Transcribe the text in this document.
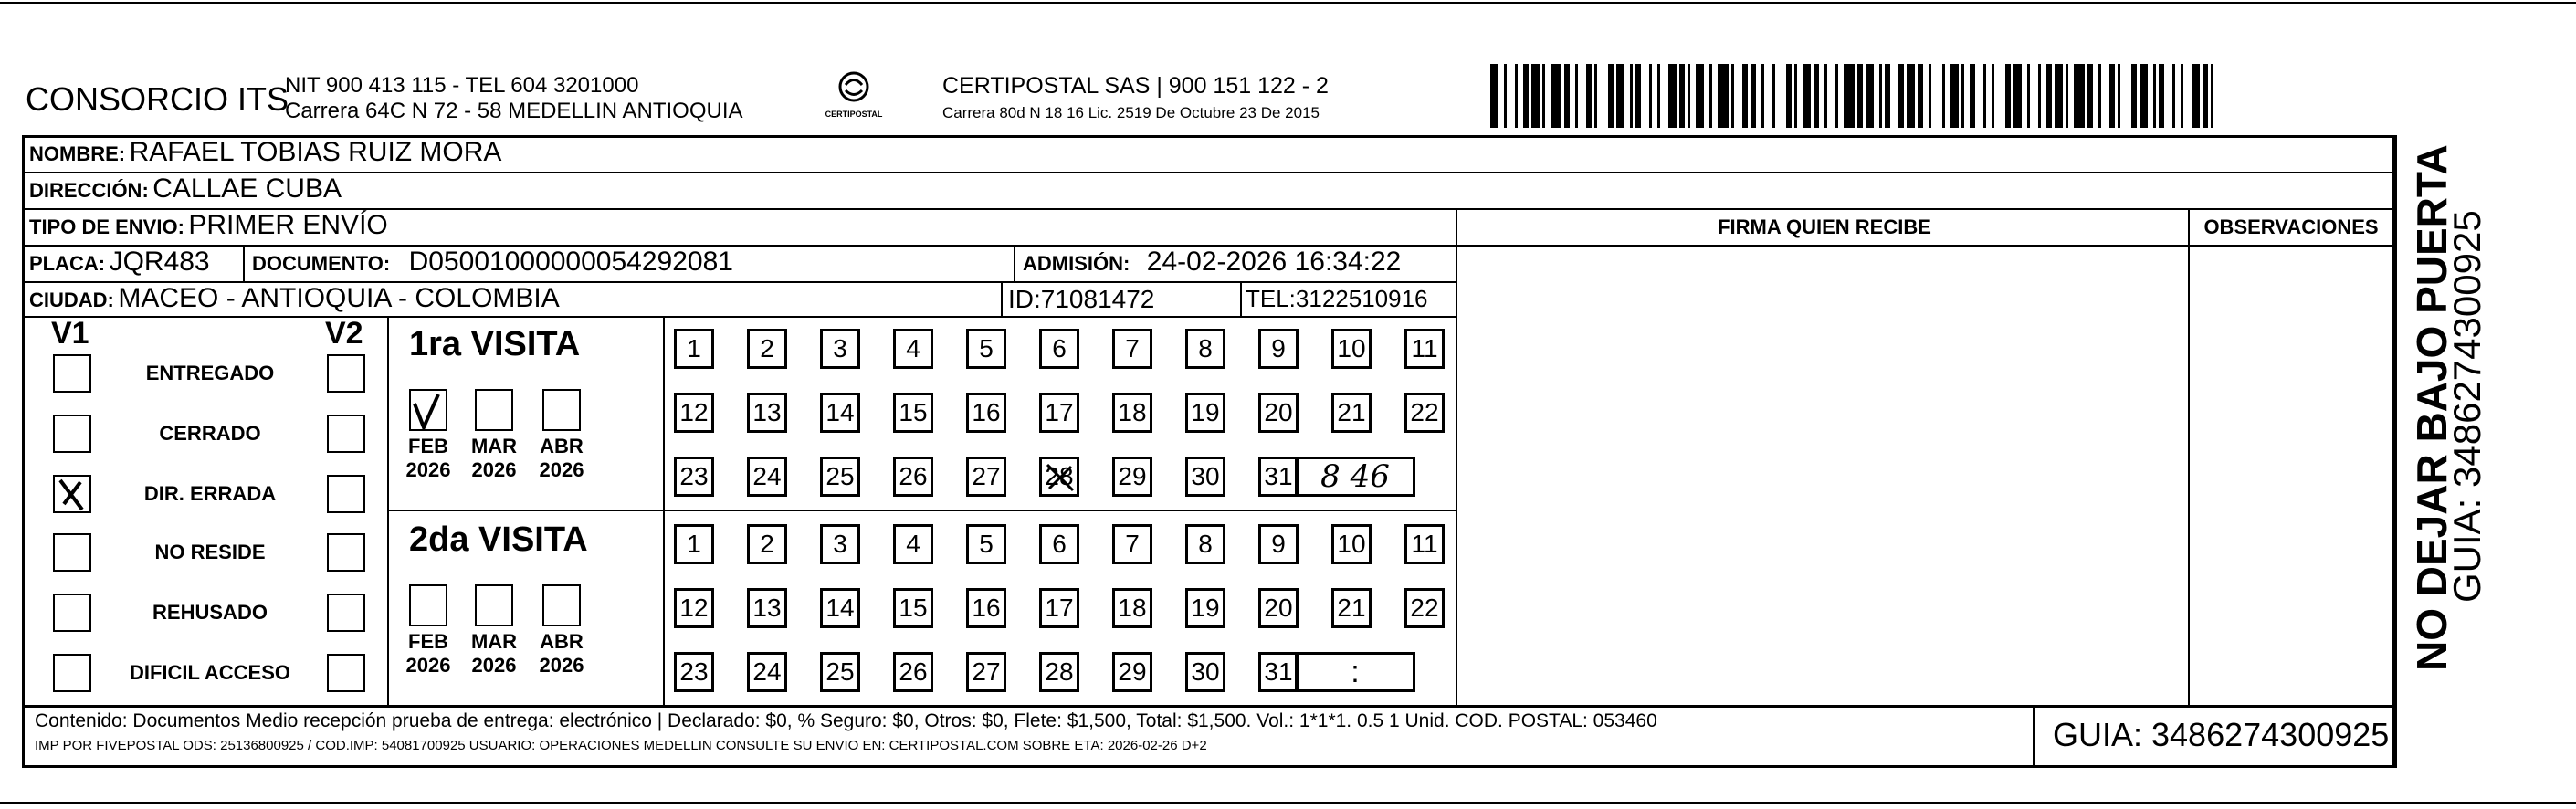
CONSORCIO ITS
NIT 900 413 115 - TEL 604 3201000
Carrera 64C N 72 - 58 MEDELLIN ANTIOQUIA	CERTIPOSTAL
CERTIPOSTAL SAS | 900 151 122 - 2
Carrera 80d N 18 16 Lic. 2519 De Octubre 23 De 2015
NOMBRE: RAFAEL TOBIAS RUIZ MORA
DIRECCIÓN: CALLAE CUBA
TIPO DE ENVIO: PRIMER ENVÍO	FIRMA QUIEN RECIBE	OBSERVACIONES
PLACA: JQR483 DOCUMENTO: D05001000000054292081	ADMISIÓN: 24-02-2026 16:34:22
CIUDAD: MACEO - ANTIOQUIA - COLOMBIA	ID:71081472	TEL:3122510916
V1	V2
ENTREGADO
CERRADO
DIR. ERRADA
NO RESIDE
REHUSADO
DIFICIL ACCESO
1ra VISITA
FEB
2026
MAR
2026
ABR
2026
1	2	3	4	5	6	7	8	9	10 11
12 13 14 15 16 17 18 19 20 21 22
23 24 25 26 27 28 29 30 31 8 46
2da VISITA
FEB
2026
MAR
2026
ABR
2026
1	2	3	4	5	6	7	8	9	10 11
12 13 14 15 16 17 18 19 20 21 22
23 24 25 26 27 28 29 30 31	:
Contenido: Documentos Medio recepción prueba de entrega: electrónico | Declarado: $0, % Seguro: $0, Otros: $0, Flete: $1,500, Total: $1,500. Vol.: 1*1*1. 0.5 1 Unid. COD. POSTAL: 053460
IMP POR FIVEPOSTAL ODS: 25136800925 / COD.IMP: 54081700925 USUARIO: OPERACIONES MEDELLIN CONSULTE SU ENVIO EN: CERTIPOSTAL.COM SOBRE ETA: 2026-02-26 D+2	GUIA: 3486274300925
NO DEJAR BAJO PUERTA
GUIA: 3486274300925
